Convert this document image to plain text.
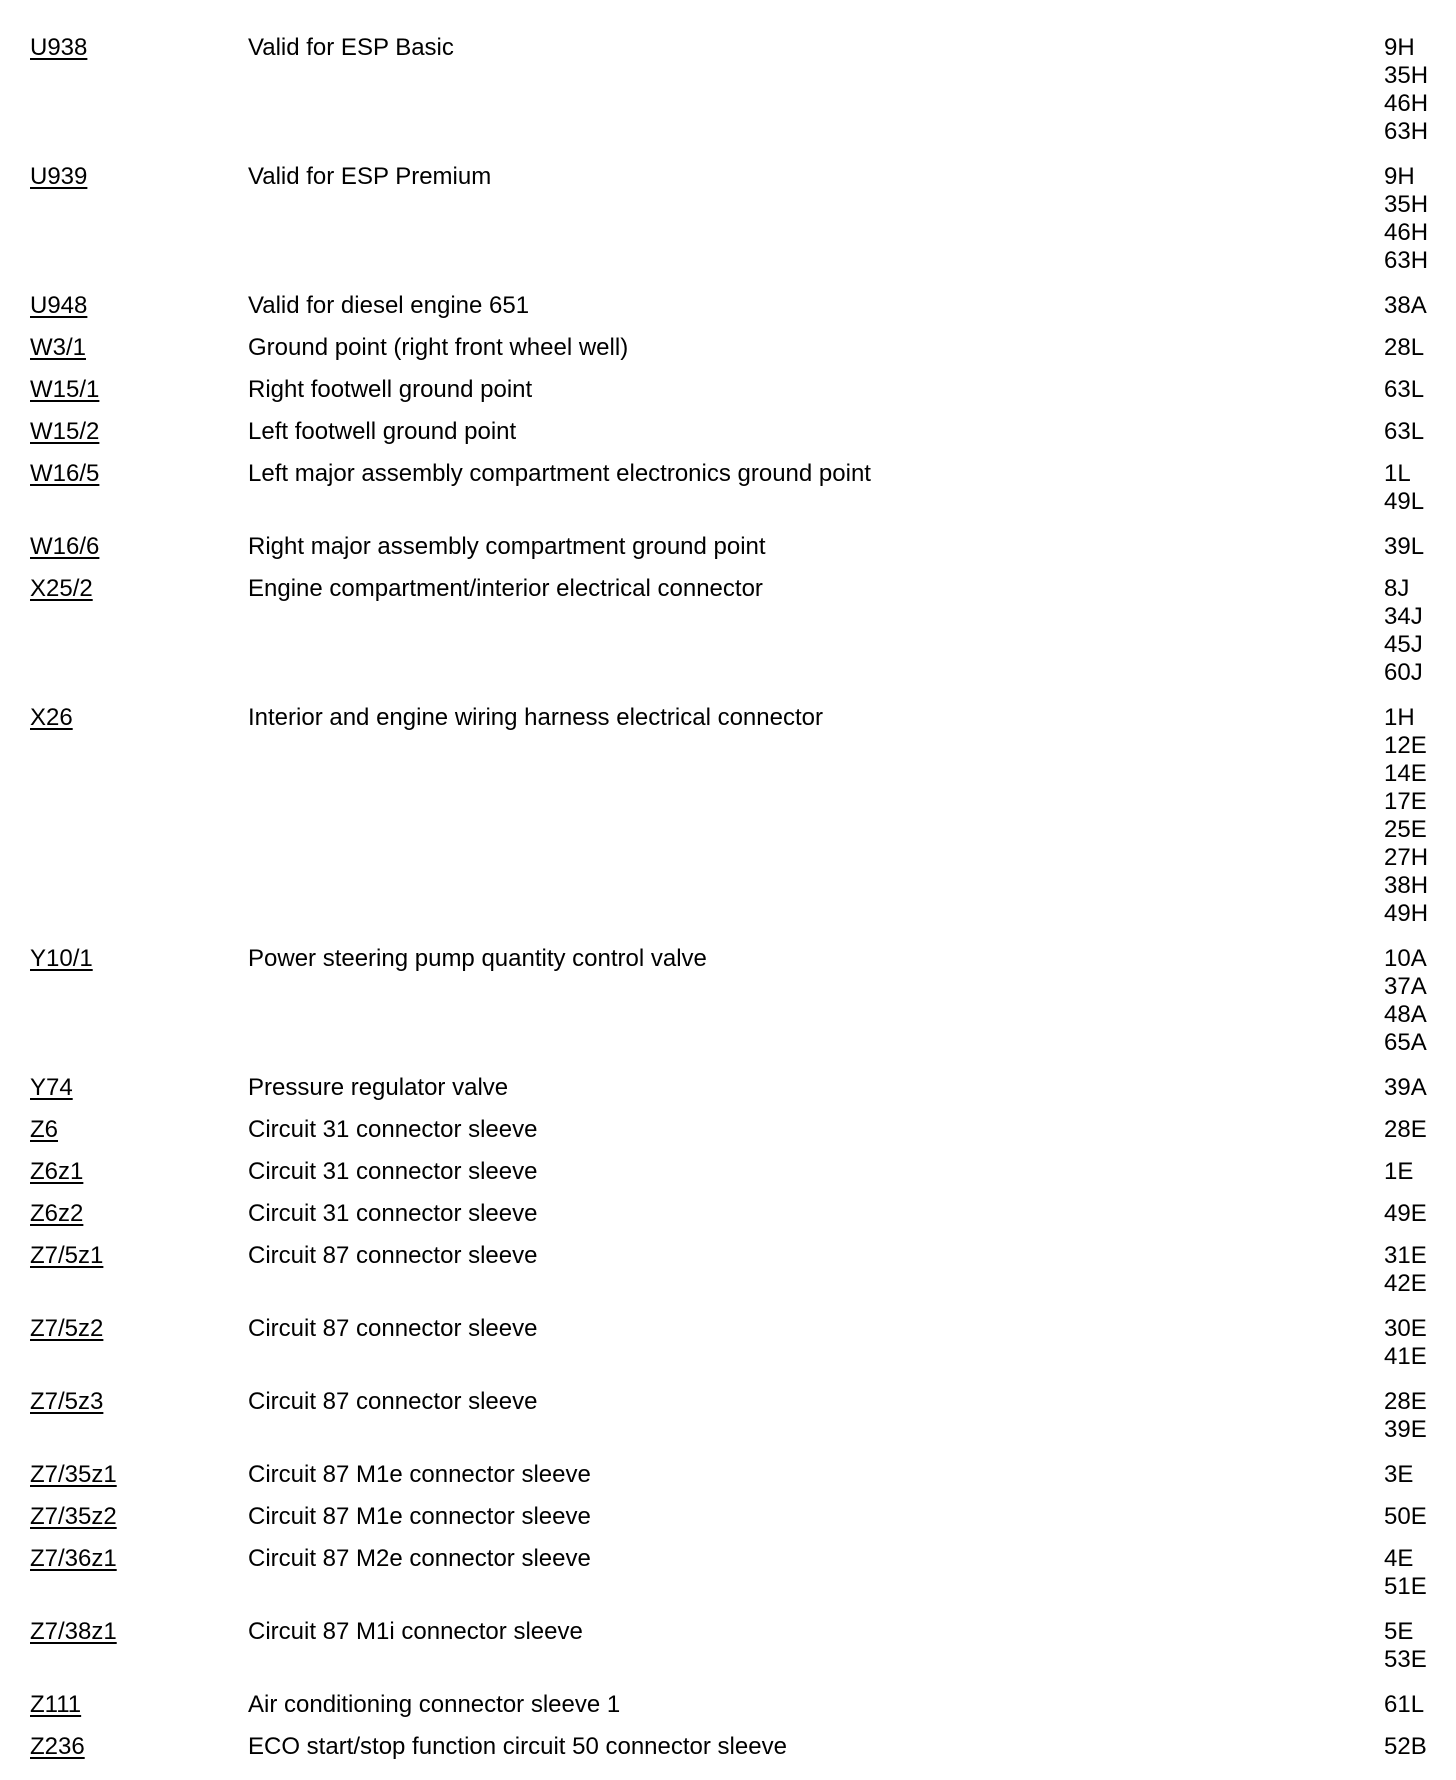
U938	Valid for ESP Basic	9H
35H
46H
63H
U939	Valid for ESP Premium	9H
35H
46H
63H
U948	Valid for diesel engine 651	38A
W3/1	Ground point (right front wheel well)	28L
W15/1	Right footwell ground point	63L
W15/2	Left footwell ground point	63L
W16/5	Left major assembly compartment electronics ground point	1L
49L
W16/6	Right major assembly compartment ground point	39L
X25/2	Engine compartment/interior electrical connector	8J
34J
45J
60J
X26	Interior and engine wiring harness electrical connector	1H
12E
14E
17E
25E
27H
38H
49H
Y10/1	Power steering pump quantity control valve	10A
37A
48A
65A
Y74	Pressure regulator valve	39A
Z6	Circuit 31 connector sleeve	28E
Z6z1	Circuit 31 connector sleeve	1E
Z6z2	Circuit 31 connector sleeve	49E
Z7/5z1	Circuit 87 connector sleeve	31E
42E
Z7/5z2	Circuit 87 connector sleeve	30E
41E
Z7/5z3	Circuit 87 connector sleeve	28E
39E
Z7/35z1	Circuit 87 M1e connector sleeve	3E
Z7/35z2	Circuit 87 M1e connector sleeve	50E
Z7/36z1	Circuit 87 M2e connector sleeve	4E
51E
Z7/38z1	Circuit 87 M1i connector sleeve	5E
53E
Z111	Air conditioning connector sleeve 1	61L
Z236	ECO start/stop function circuit 50 connector sleeve	52B
